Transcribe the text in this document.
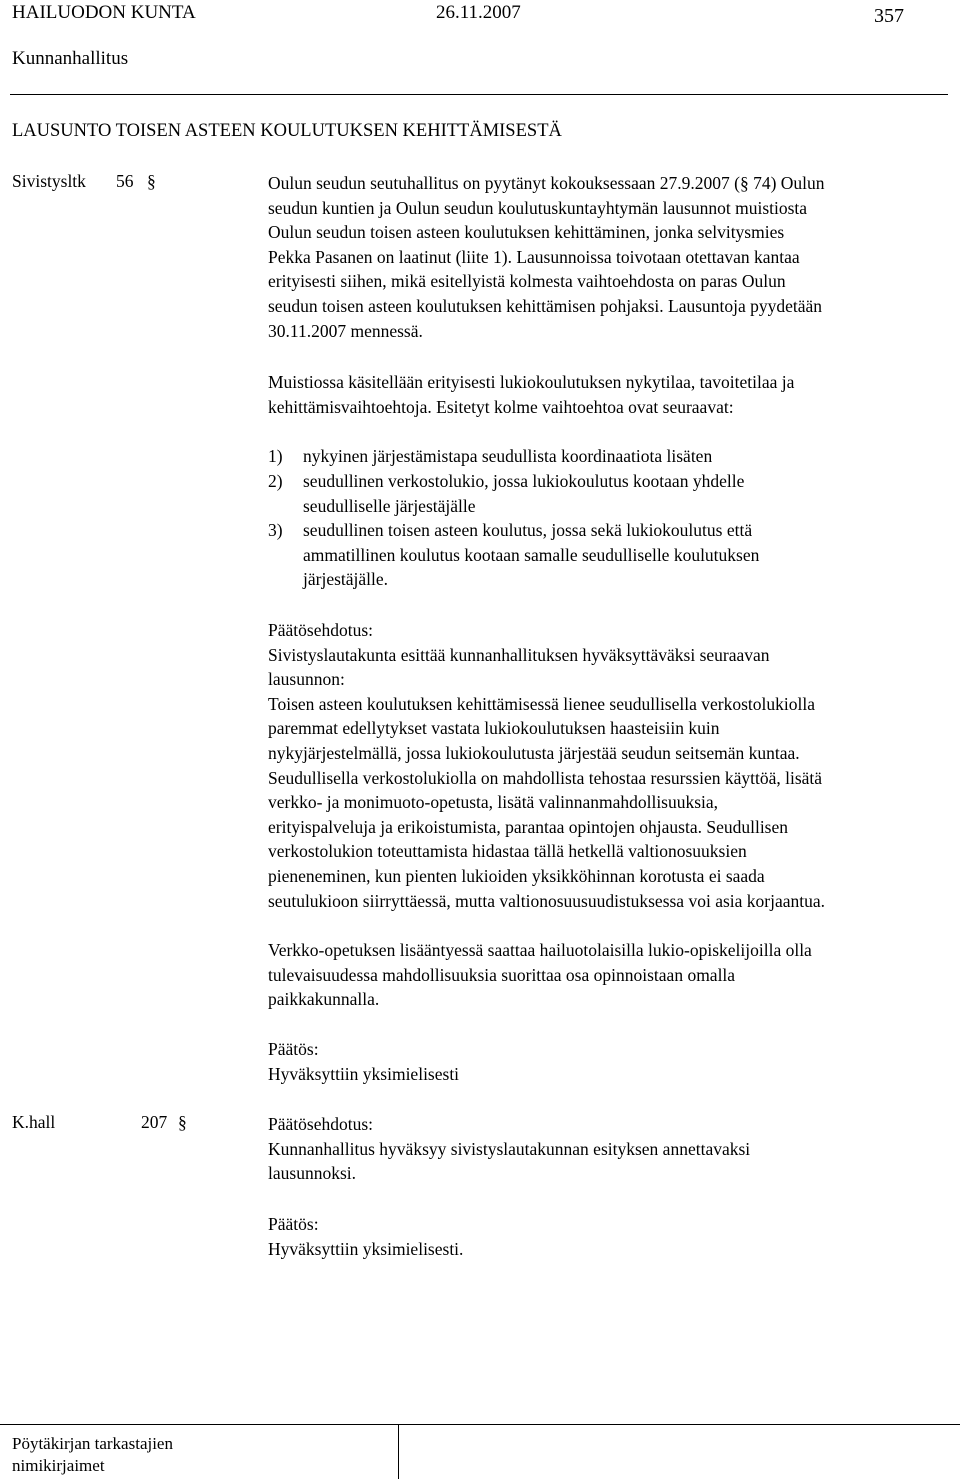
HAILUODON KUNTA	26.11.2007	357
Kunnanhallitus
LAUSUNTO TOISEN ASTEEN KOULUTUKSEN KEHITTÄMISESTÄ
Sivistysltk 56 §	Oulun seudun seutuhallitus on pyytänyt kokouksessaan 27.9.2007 (§ 74) Oulun
seudun kuntien ja Oulun seudun koulutuskuntayhtymän lausunnot muistiosta
Oulun seudun toisen asteen koulutuksen kehittäminen, jonka selvitysmies
Pekka Pasanen on laatinut (liite 1). Lausunnoissa toivotaan otettavan kantaa
erityisesti siihen, mikä esitellyistä kolmesta vaihtoehdosta on paras Oulun
seudun toisen asteen koulutuksen kehittämisen pohjaksi. Lausuntoja pyydetään
30.11.2007 mennessä.
Muistiossa käsitellään erityisesti lukiokoulutuksen nykytilaa, tavoitetilaa ja
kehittämisvaihtoehtoja. Esitetyt kolme vaihtoehtoa ovat seuraavat:
1) nykyinen järjestämistapa seudullista koordinaatiota lisäten
2) seudullinen verkostolukio, jossa lukiokoulutus kootaan yhdelle
seudulliselle järjestäjälle
3) seudullinen toisen asteen koulutus, jossa sekä lukiokoulutus että
ammatillinen koulutus kootaan samalle seudulliselle koulutuksen
järjestäjälle.
Päätösehdotus:
Sivistyslautakunta esittää kunnanhallituksen hyväksyttäväksi seuraavan
lausunnon:
Toisen asteen koulutuksen kehittämisessä lienee seudullisella verkostolukiolla
paremmat edellytykset vastata lukiokoulutuksen haasteisiin kuin
nykyjärjestelmällä, jossa lukiokoulutusta järjestää seudun seitsemän kuntaa.
Seudullisella verkostolukiolla on mahdollista tehostaa resurssien käyttöä, lisätä
verkko- ja monimuoto-opetusta, lisätä valinnanmahdollisuuksia,
erityispalveluja ja erikoistumista, parantaa opintojen ohjausta. Seudullisen
verkostolukion toteuttamista hidastaa tällä hetkellä valtionosuuksien
pieneneminen, kun pienten lukioiden yksikköhinnan korotusta ei saada
seutulukioon siirryttäessä, mutta valtionosuusuudistuksessa voi asia korjaantua.
Verkko-opetuksen lisääntyessä saattaa hailuotolaisilla lukio-opiskelijoilla olla
tulevaisuudessa mahdollisuuksia suorittaa osa opinnoistaan omalla
paikkakunnalla.
Päätös:
Hyväksyttiin yksimielisesti
K.hall	207 §	Päätösehdotus:
Kunnanhallitus hyväksyy sivistyslautakunnan esityksen annettavaksi
lausunnoksi.
Päätös:
Hyväksyttiin yksimielisesti.
Pöytäkirjan tarkastajien
nimikirjaimet
